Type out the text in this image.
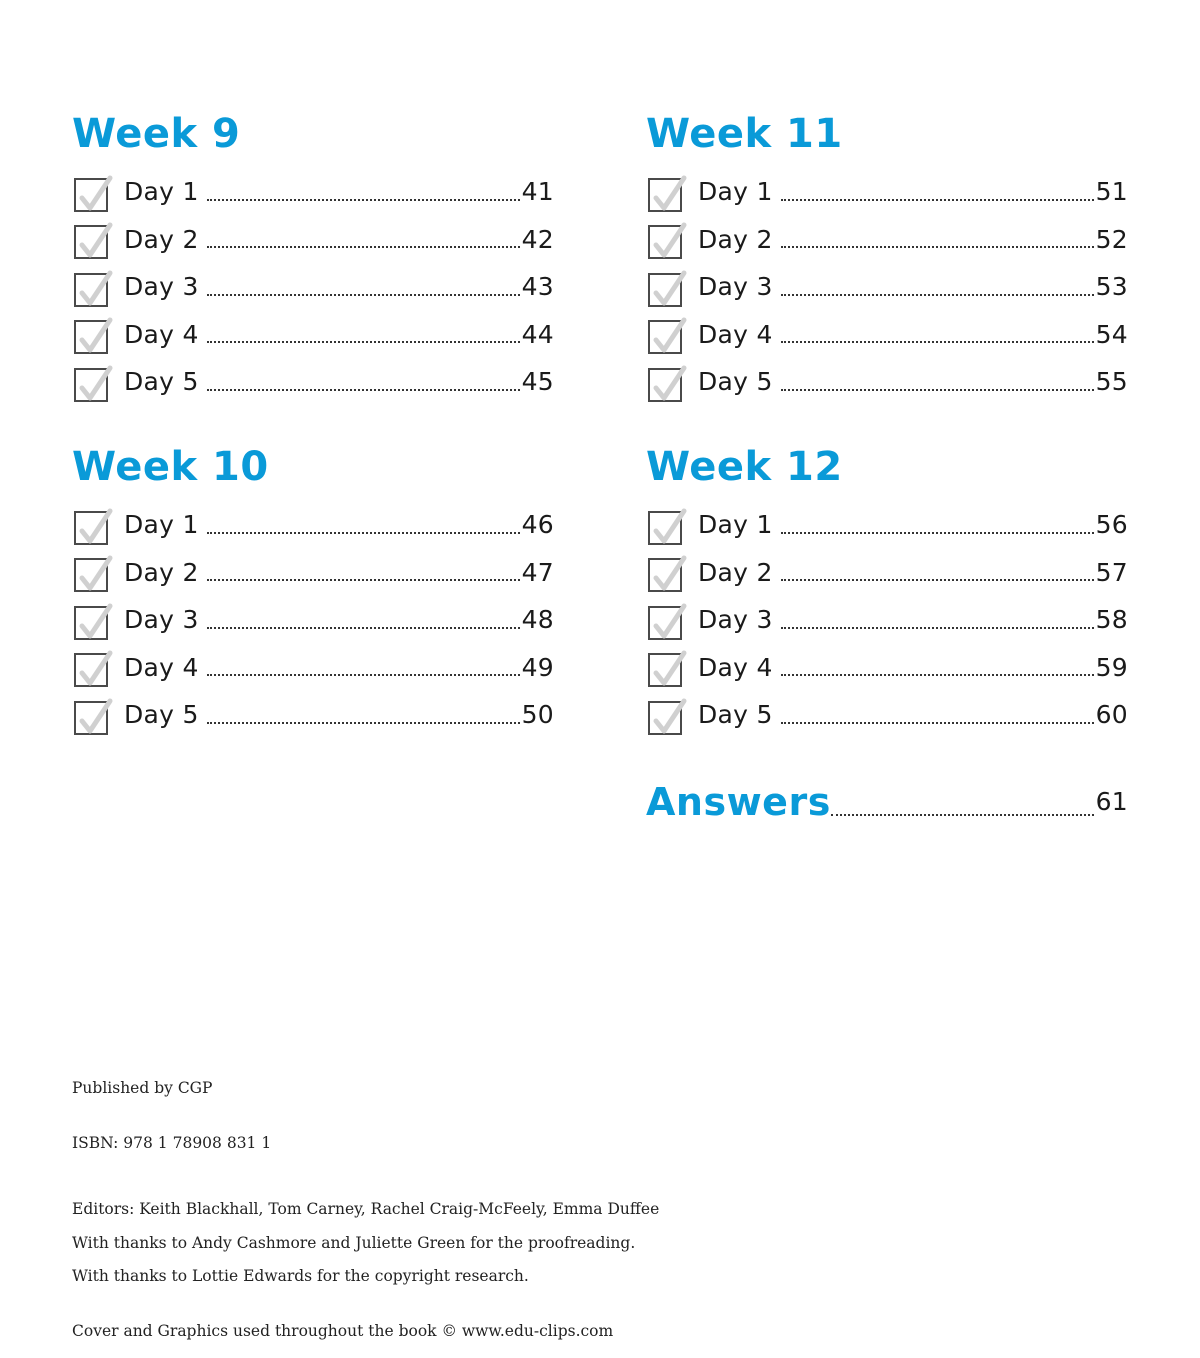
Week 9
Day 1	41
Day 2	42
Day 3	43
Day 4	44
Day 5	45
Week 10
Day 1	46
Day 2	47
Day 3	48
Day 4	49
Day 5	50
Week 11
Day 1	51
Day 2	52
Day 3	53
Day 4	54
Day 5	55
Week 12
Day 1	56
Day 2	57
Day 3	58
Day 4	59
Day 5	60
Answers	61

Published by CGP

ISBN: 978 1 78908 831 1

Editors: Keith Blackhall, Tom Carney, Rachel Craig-McFeely, Emma Duffee

With thanks to Andy Cashmore and Juliette Green for the proofreading.

With thanks to Lottie Edwards for the copyright research.

Cover and Graphics used throughout the book © www.edu-clips.com
